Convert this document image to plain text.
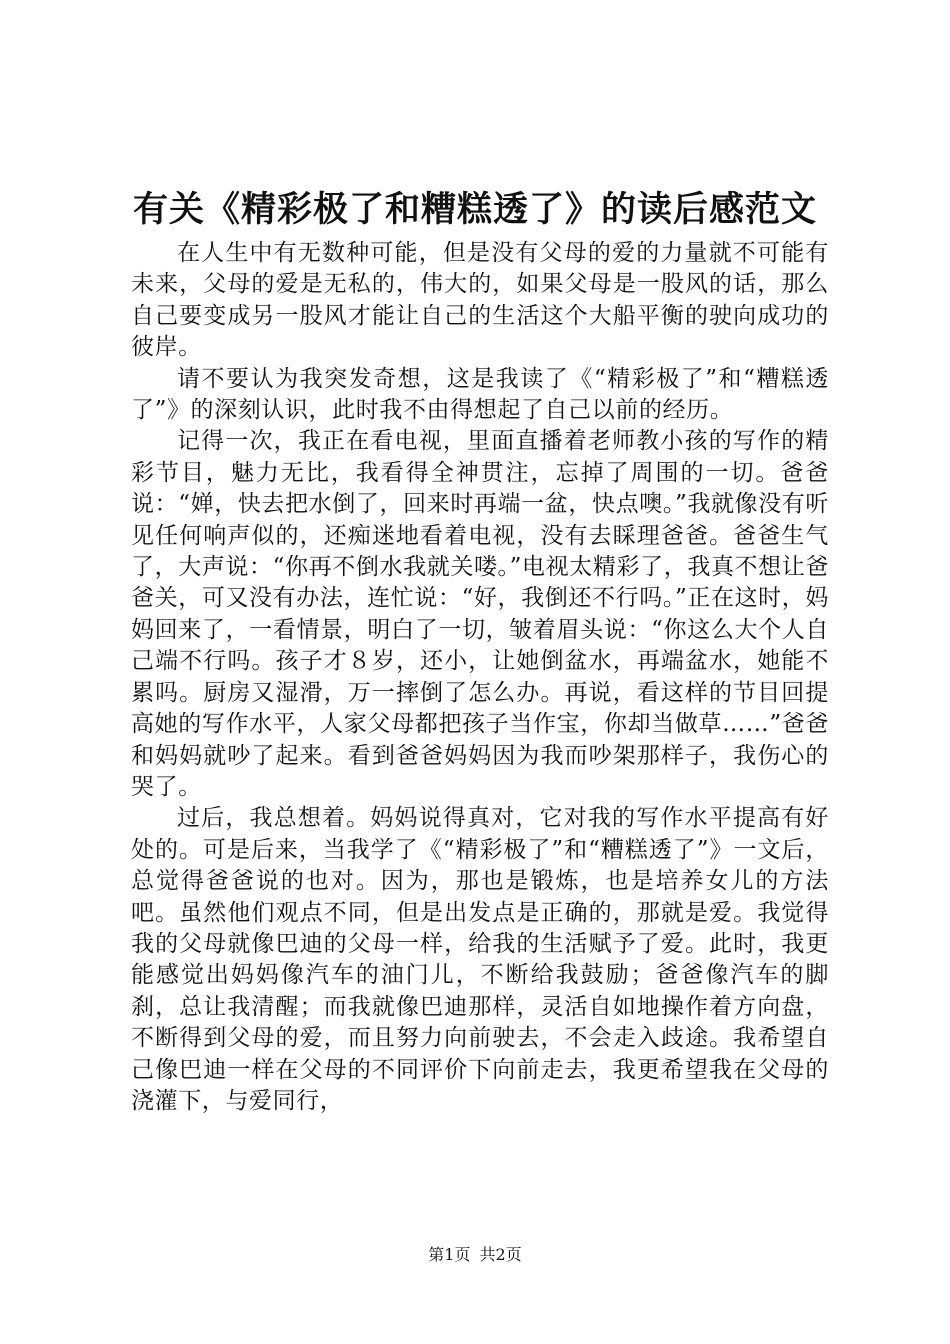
有关《精彩极了和糟糕透了》的读后感范文

在人生中有无数种可能，但是没有父母的爱的力量就不可能有未来，父母的爱是无私的，伟大的，如果父母是一股风的话，那么自己要变成另一股风才能让自己的生活这个大船平衡的驶向成功的彼岸。

请不要认为我突发奇想，这是我读了《“精彩极了”和“糟糕透了”》的深刻认识，此时我不由得想起了自己以前的经历。

记得一次，我正在看电视，里面直播着老师教小孩的写作的精彩节目，魅力无比，我看得全神贯注，忘掉了周围的一切。爸爸说：“婵，快去把水倒了，回来时再端一盆，快点噢。”我就像没有听见任何响声似的，还痴迷地看着电视，没有去睬理爸爸。爸爸生气了，大声说：“你再不倒水我就关喽。”电视太精彩了，我真不想让爸爸关，可又没有办法，连忙说：“好，我倒还不行吗。”正在这时，妈妈回来了，一看情景，明白了一切，皱着眉头说：“你这么大个人自己端不行吗。孩子才８岁，还小，让她倒盆水，再端盆水，她能不累吗。厨房又湿滑，万一摔倒了怎么办。再说，看这样的节目回提高她的写作水平，人家父母都把孩子当作宝，你却当做草……”爸爸和妈妈就吵了起来。看到爸爸妈妈因为我而吵架那样子，我伤心的哭了。

过后，我总想着。妈妈说得真对，它对我的写作水平提高有好处的。可是后来，当我学了《“精彩极了”和“糟糕透了”》一文后，总觉得爸爸说的也对。因为，那也是锻炼，也是培养女儿的方法吧。虽然他们观点不同，但是出发点是正确的，那就是爱。我觉得我的父母就像巴迪的父母一样，给我的生活赋予了爱。此时，我更能感觉出妈妈像汽车的油门儿，不断给我鼓励；爸爸像汽车的脚刹，总让我清醒；而我就像巴迪那样，灵活自如地操作着方向盘，不断得到父母的爱，而且努力向前驶去，不会走入歧途。我希望自己像巴迪一样在父母的不同评价下向前走去，我更希望我在父母的浇灌下，与爱同行，

第1页 共2页
